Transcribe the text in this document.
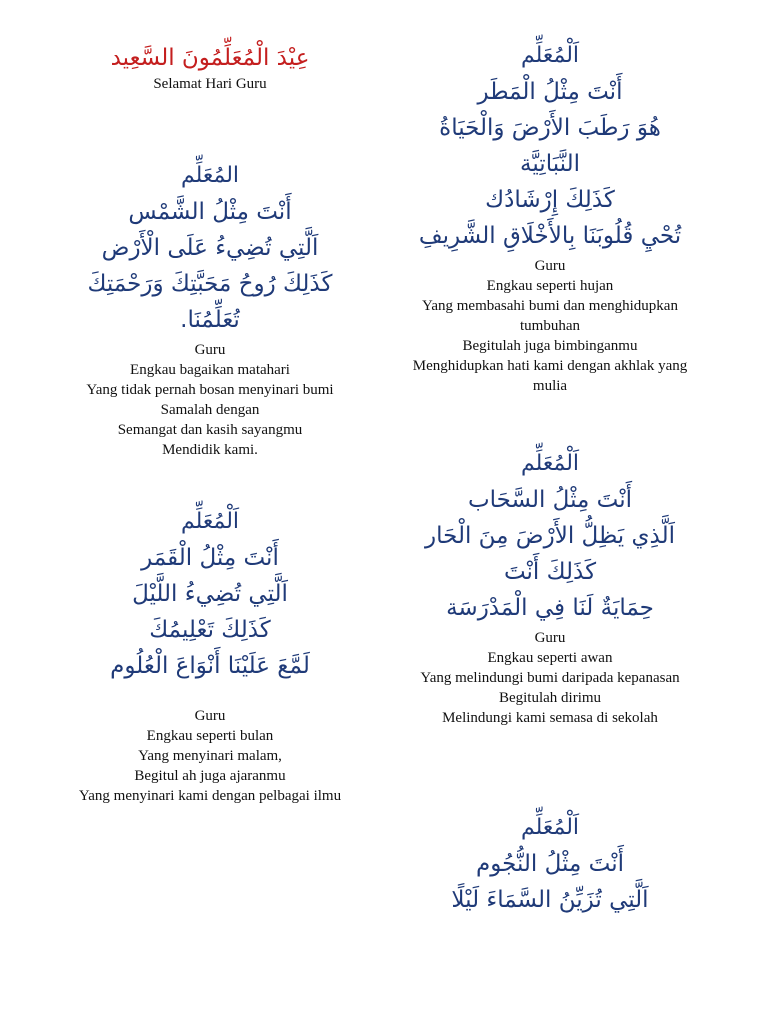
عِيْدَ الْمُعَلِّمُونَ السَّعِيد
Selamat Hari Guru
اَلْمُعَلِّم
أَنْتَ مِثْلُ الْمَطَر
هُوَ رَطَبَ الأَرْضَ وَالْحَيَاةُ
النَّبَاتِيَّة
كَذَلِكَ إِرْشَادُك
تُحْيِ قُلُوبَنَا بِالأَخْلَاقِ الشَّرِيفِ
Guru
Engkau seperti hujan
Yang membasahi bumi dan menghidupkan
tumbuhan
Begitulah juga bimbinganmu
Menghidupkan hati kami dengan akhlak yang
mulia
المُعَلِّم
أَنْتَ مِثْلُ الشَّمْس
اَلَّتِي تُضِيءُ عَلَى الْأَرْض
كَذَلِكَ رُوحُ مَحَبَّتِكَ وَرَحْمَتِكَ
تُعَلِّمُنَا.
Guru
Engkau bagaikan matahari
Yang tidak pernah bosan menyinari bumi
Samalah dengan
Semangat dan kasih sayangmu
Mendidik kami.
اَلْمُعَلِّم
أَنْتَ مِثْلُ السَّحَاب
اَلَّذِي يَظِلُّ الأَرْضَ مِنَ الْحَار
كَذَلِكَ أَنْتَ
حِمَايَةٌ لَنَا فِي الْمَدْرَسَة
Guru
Engkau seperti awan
Yang melindungi bumi daripada kepanasan
Begitulah dirimu
Melindungi kami semasa di sekolah
اَلْمُعَلِّم
أَنْتَ مِثْلُ الْقَمَر
اَلَّتِي تُضِيءُ اللَّيْلَ
كَذَلِكَ تَعْلِيمُكَ
لَمَّعَ عَلَيْنَا أَنْوَاعَ الْعُلُوم
Guru
Engkau seperti bulan
Yang menyinari malam,
Begitul ah juga ajaranmu
Yang menyinari kami dengan pelbagai ilmu
اَلْمُعَلِّم
أَنْتَ مِثْلُ النُّجُوم
اَلَّتِي تُزَيِّنُ السَّمَاءَ لَيْلًا
